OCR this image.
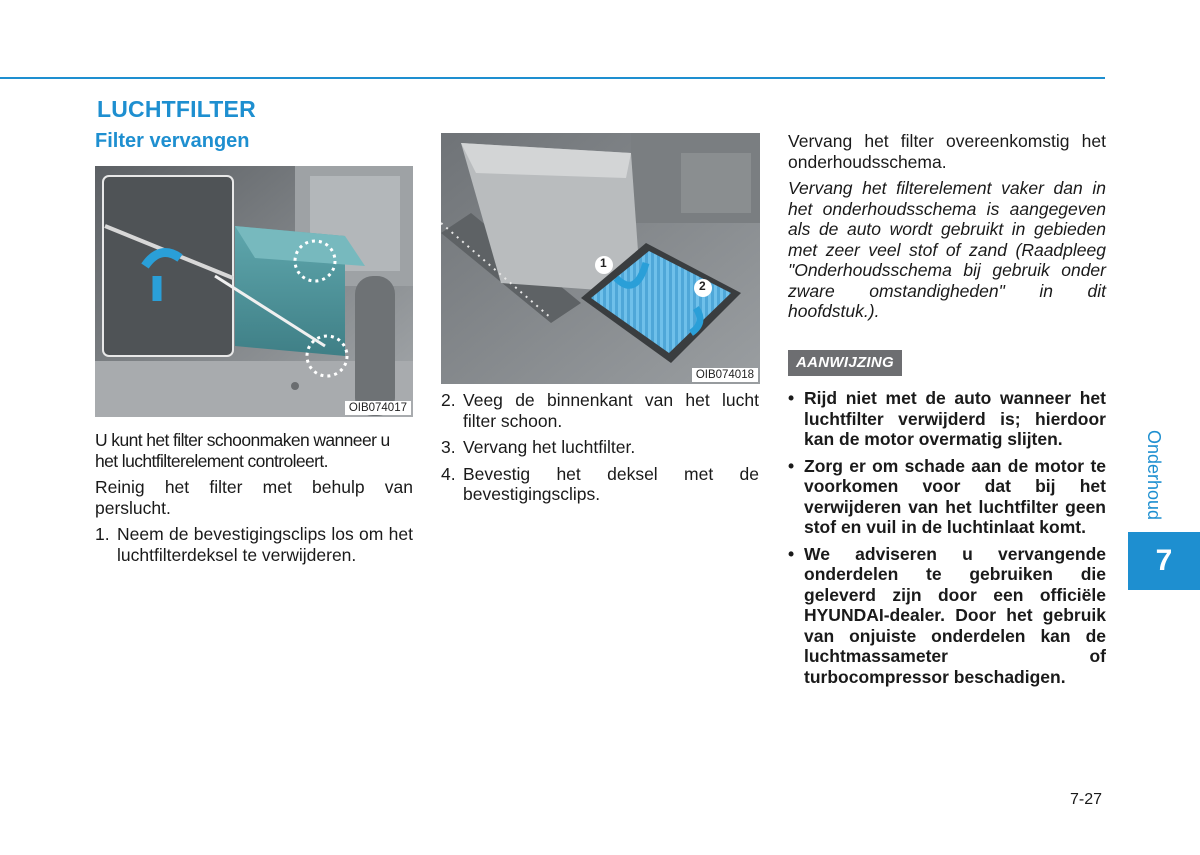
LUCHTFILTER
Filter vervangen
OIB074017
1
2
OIB074018

U kunt het filter schoonmaken wanneer u het luchtfilterelement controleert.

Reinig het filter met behulp van perslucht.

1. Neem de bevestigingsclips los om het luchtfilterdeksel te verwijderen.
2. Veeg de binnenkant van het lucht filter schoon.
3. Vervang het luchtfilter.
4. Bevestig het deksel met de bevestigingsclips.

Vervang het filter overeenkomstig het onderhoudsschema.

Vervang het filterelement vaker dan in het onderhoudsschema is aangegeven als de auto wordt gebruikt in gebieden met zeer veel stof of zand (Raadpleeg "Onderhoudsschema bij gebruik onder zware omstandigheden" in dit hoofdstuk.).

AANWIJZING
• Rijd niet met de auto wanneer het luchtfilter verwijderd is; hierdoor kan de motor overmatig slijten.
• Zorg er om schade aan de motor te voorkomen voor dat bij het verwijderen van het luchtfilter geen stof en vuil in de luchtinlaat komt.
• We adviseren u vervangende onderdelen te gebruiken die geleverd zijn door een officiële HYUNDAI-dealer. Door het gebruik van onjuiste onderdelen kan de luchtmassameter of turbocompressor beschadigen.
Onderhoud
7
7-27
